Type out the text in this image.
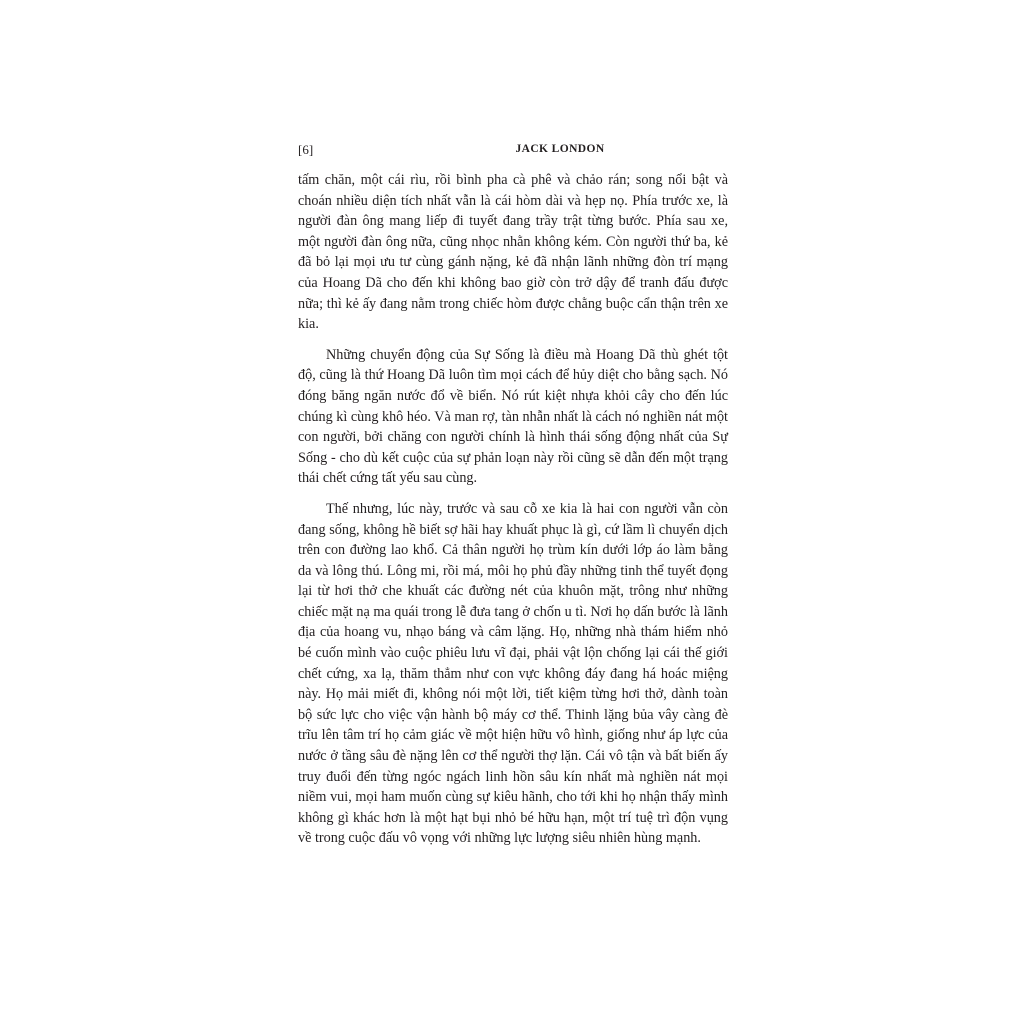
[6]	JACK LONDON

tấm chăn, một cái rìu, rồi bình pha cà phê và chảo rán; song nổi bật và choán nhiều diện tích nhất vẫn là cái hòm dài và hẹp nọ. Phía trước xe, là người đàn ông mang liếp đi tuyết đang trầy trật từng bước. Phía sau xe, một người đàn ông nữa, cũng nhọc nhằn không kém. Còn người thứ ba, kẻ đã bỏ lại mọi ưu tư cùng gánh nặng, kẻ đã nhận lãnh những đòn trí mạng của Hoang Dã cho đến khi không bao giờ còn trở dậy để tranh đấu được nữa; thì kẻ ấy đang nằm trong chiếc hòm được chằng buộc cẩn thận trên xe kia.

Những chuyển động của Sự Sống là điều mà Hoang Dã thù ghét tột độ, cũng là thứ Hoang Dã luôn tìm mọi cách để hủy diệt cho bằng sạch. Nó đóng băng ngăn nước đổ về biển. Nó rút kiệt nhựa khỏi cây cho đến lúc chúng kì cùng khô héo. Và man rợ, tàn nhẫn nhất là cách nó nghiền nát một con người, bởi chăng con người chính là hình thái sống động nhất của Sự Sống - cho dù kết cuộc của sự phản loạn này rồi cũng sẽ dẫn đến một trạng thái chết cứng tất yếu sau cùng.

Thế nhưng, lúc này, trước và sau cỗ xe kia là hai con người vẫn còn đang sống, không hề biết sợ hãi hay khuất phục là gì, cứ lầm lì chuyển dịch trên con đường lao khổ. Cả thân người họ trùm kín dưới lớp áo làm bằng da và lông thú. Lông mi, rồi má, môi họ phủ đầy những tinh thể tuyết đọng lại từ hơi thở che khuất các đường nét của khuôn mặt, trông như những chiếc mặt nạ ma quái trong lễ đưa tang ở chốn u tì. Nơi họ dấn bước là lãnh địa của hoang vu, nhạo báng và câm lặng. Họ, những nhà thám hiểm nhỏ bé cuốn mình vào cuộc phiêu lưu vĩ đại, phải vật lộn chống lại cái thế giới chết cứng, xa lạ, thăm thẳm như con vực không đáy đang há hoác miệng này. Họ mải miết đi, không nói một lời, tiết kiệm từng hơi thở, dành toàn bộ sức lực cho việc vận hành bộ máy cơ thể. Thinh lặng bủa vây càng đè trĩu lên tâm trí họ cảm giác về một hiện hữu vô hình, giống như áp lực của nước ở tầng sâu đè nặng lên cơ thể người thợ lặn. Cái vô tận và bất biến ấy truy đuổi đến từng ngóc ngách linh hồn sâu kín nhất mà nghiền nát mọi niềm vui, mọi ham muốn cùng sự kiêu hãnh, cho tới khi họ nhận thấy mình không gì khác hơn là một hạt bụi nhỏ bé hữu hạn, một trí tuệ trì độn vụng về trong cuộc đấu vô vọng với những lực lượng siêu nhiên hùng mạnh.
